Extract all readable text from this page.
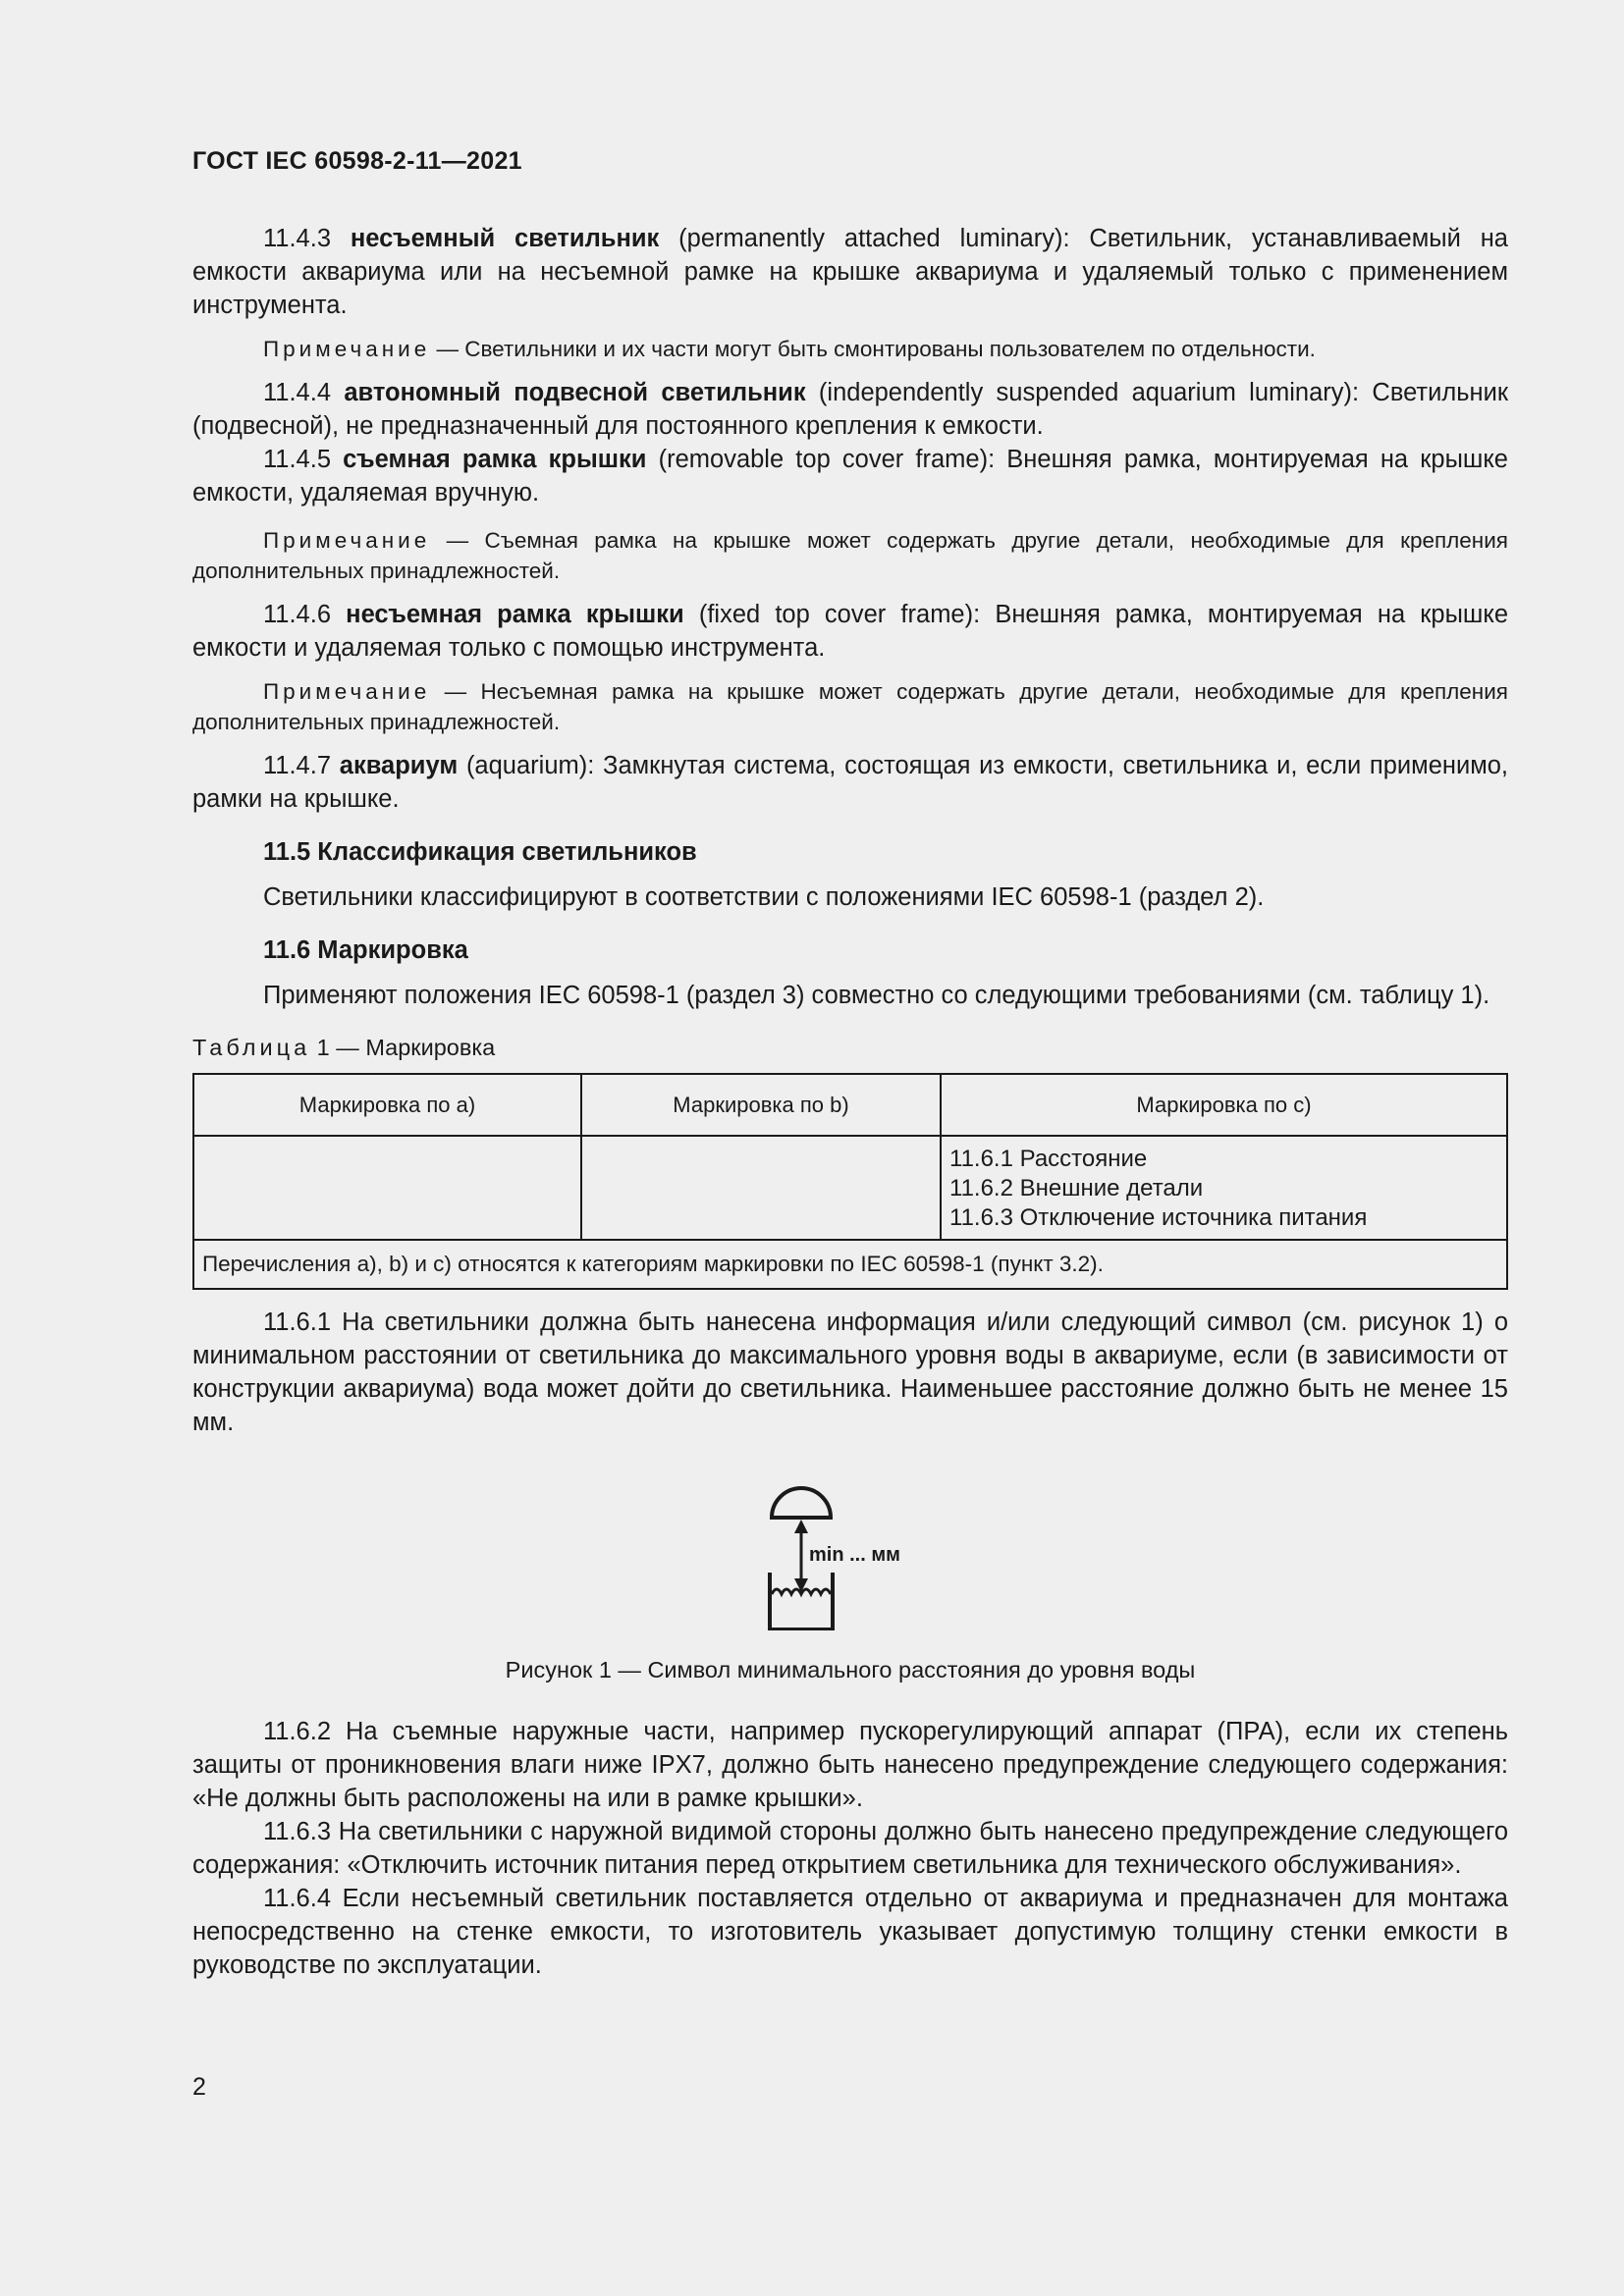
ГОСТ IEC 60598-2-11—2021

11.4.3 несъемный светильник (permanently attached luminary): Светильник, устанавливаемый на емкости аквариума или на несъемной рамке на крышке аквариума и удаляемый только с применением инструмента.

Примечание — Светильники и их части могут быть смонтированы пользователем по отдельности.

11.4.4 автономный подвесной светильник (independently suspended aquarium luminary): Светильник (подвесной), не предназначенный для постоянного крепления к емкости.

11.4.5 съемная рамка крышки (removable top cover frame): Внешняя рамка, монтируемая на крышке емкости, удаляемая вручную.

Примечание — Съемная рамка на крышке может содержать другие детали, необходимые для крепления дополнительных принадлежностей.

11.4.6 несъемная рамка крышки (fixed top cover frame): Внешняя рамка, монтируемая на крышке емкости и удаляемая только с помощью инструмента.

Примечание — Несъемная рамка на крышке может содержать другие детали, необходимые для крепления дополнительных принадлежностей.

11.4.7 аквариум (aquarium): Замкнутая система, состоящая из емкости, светильника и, если применимо, рамки на крышке.

11.5 Классификация светильников

Светильники классифицируют в соответствии с положениями IEC 60598-1 (раздел 2).

11.6 Маркировка

Применяют положения IEC 60598-1 (раздел 3) совместно со следующими требованиями (см. таблицу 1).

Таблица 1 — Маркировка

Маркировка по a)	Маркировка по b)	Маркировка по c)

		11.6.1 Расстояние
11.6.2 Внешние детали
11.6.3 Отключение источника питания

Перечисления a), b) и c) относятся к категориям маркировки по IEC 60598-1 (пункт 3.2).		

11.6.1 На светильники должна быть нанесена информация и/или следующий символ (см. рисунок 1) о минимальном расстоянии от светильника до максимального уровня воды в аквариуме, если (в зависимости от конструкции аквариума) вода может дойти до светильника. Наименьшее расстояние должно быть не менее 15 мм.

min ... мм

Рисунок 1 — Символ минимального расстояния до уровня воды

11.6.2 На съемные наружные части, например пускорегулирующий аппарат (ПРА), если их степень защиты от проникновения влаги ниже IPX7, должно быть нанесено предупреждение следующего содержания: «Не должны быть расположены на или в рамке крышки».

11.6.3 На светильники с наружной видимой стороны должно быть нанесено предупреждение следующего содержания: «Отключить источник питания перед открытием светильника для технического обслуживания».

11.6.4 Если несъемный светильник поставляется отдельно от аквариума и предназначен для монтажа непосредственно на стенке емкости, то изготовитель указывает допустимую толщину стенки емкости в руководстве по эксплуатации.

2
